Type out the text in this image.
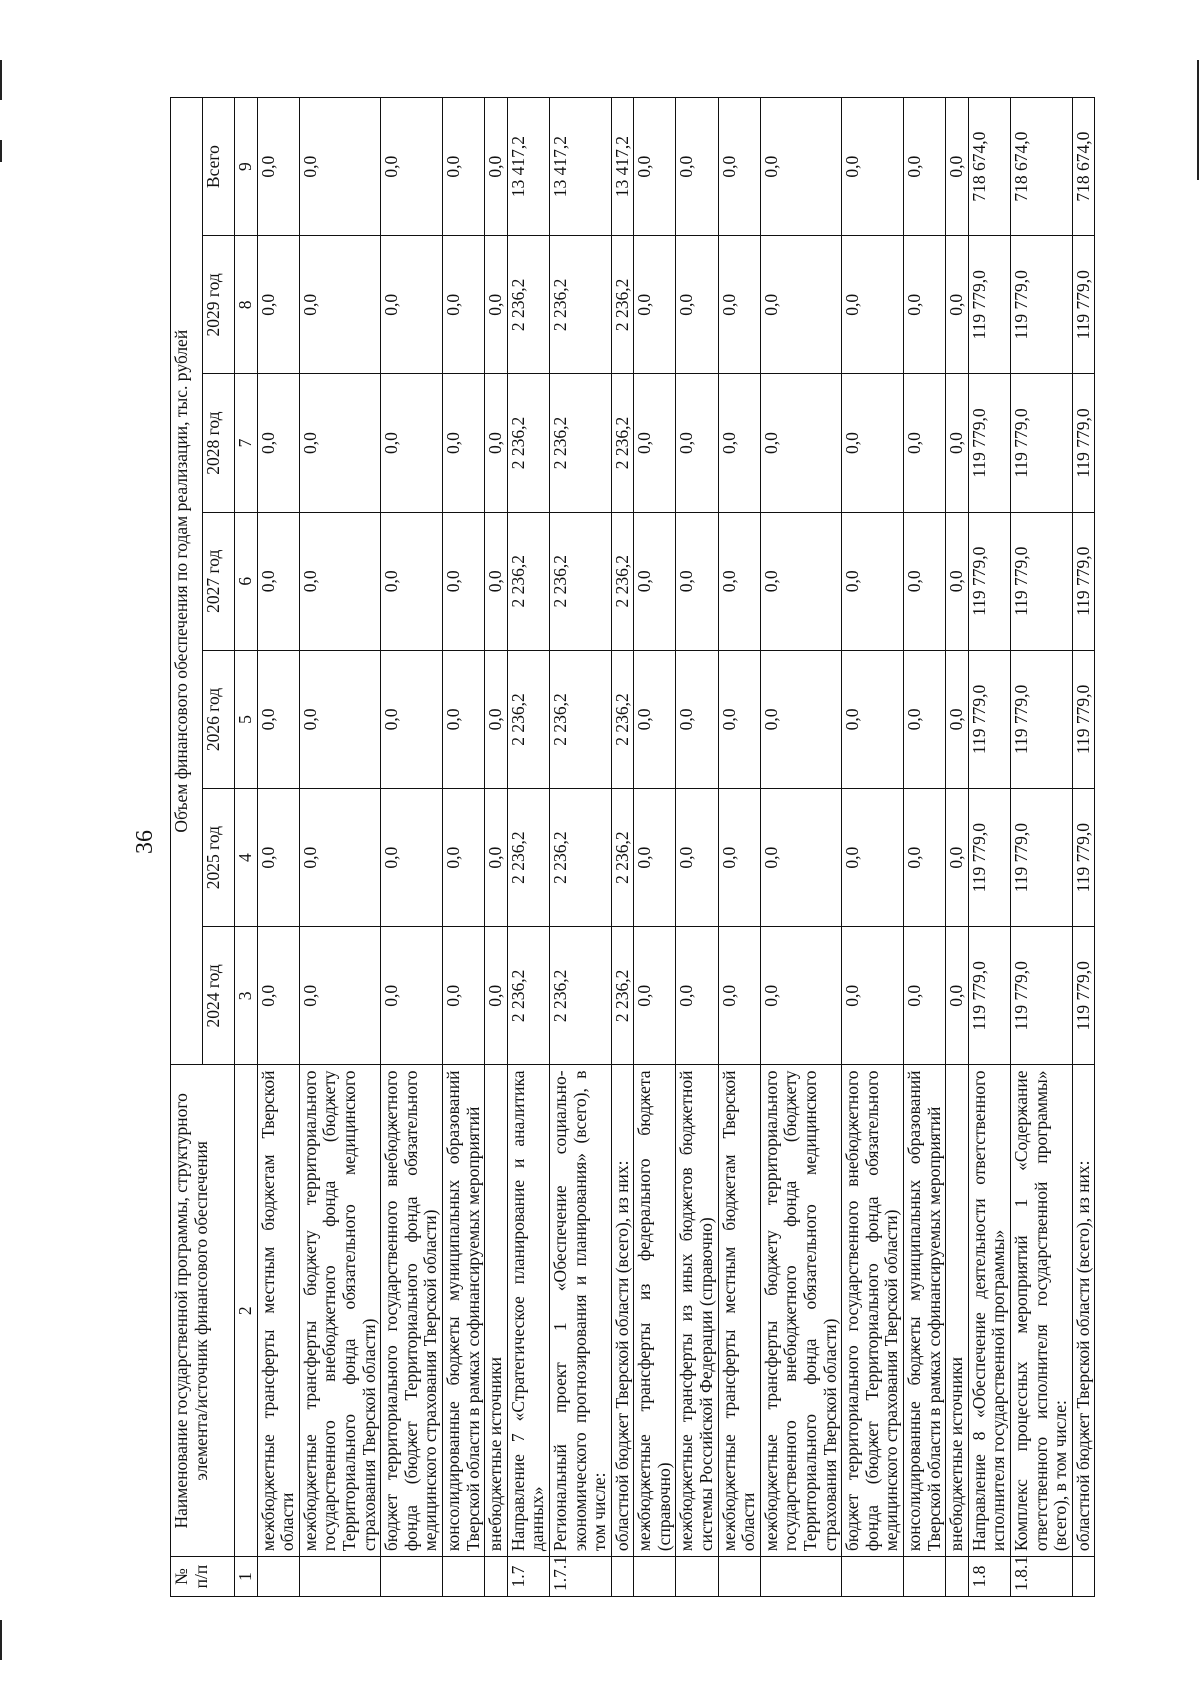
36
№ п/п	Наименование государственной программы, структурного элемента/источник финансового обеспечения	Объем финансового обеспечения по годам реализации, тыс. рублей						
		2024 год	2025 год	2026 год	2027 год	2028 год	2029 год	Всего
1	2	3	4	5	6	7	8	9
	межбюджетные трансферты местным бюджетам Тверской области	0,0	0,0	0,0	0,0	0,0	0,0	0,0
	межбюджетные трансферты бюджету территориального государственного внебюджетного фонда (бюджету Территориального фонда обязательного медицинского страхования Тверской области)	0,0	0,0	0,0	0,0	0,0	0,0	0,0
	бюджет территориального государственного внебюджетного фонда (бюджет Территориального фонда обязательного медицинского страхования Тверской области)	0,0	0,0	0,0	0,0	0,0	0,0	0,0
	консолидированные бюджеты муниципальных образований Тверской области в рамках софинансируемых мероприятий	0,0	0,0	0,0	0,0	0,0	0,0	0,0
	внебюджетные источники	0,0	0,0	0,0	0,0	0,0	0,0	0,0
1.7	Направление 7 «Стратегическое планирование и аналитика данных»	2 236,2	2 236,2	2 236,2	2 236,2	2 236,2	2 236,2	13 417,2
1.7.1	Региональный проект 1 «Обеспечение социально-экономического прогнозирования и планирования» (всего), в том числе:	2 236,2	2 236,2	2 236,2	2 236,2	2 236,2	2 236,2	13 417,2
	областной бюджет Тверской области (всего), из них:	2 236,2	2 236,2	2 236,2	2 236,2	2 236,2	2 236,2	13 417,2
	межбюджетные трансферты из федерального бюджета (справочно)	0,0	0,0	0,0	0,0	0,0	0,0	0,0
	межбюджетные трансферты из иных бюджетов бюджетной системы Российской Федерации (справочно)	0,0	0,0	0,0	0,0	0,0	0,0	0,0
	межбюджетные трансферты местным бюджетам Тверской области	0,0	0,0	0,0	0,0	0,0	0,0	0,0
	межбюджетные трансферты бюджету территориального государственного внебюджетного фонда (бюджету Территориального фонда обязательного медицинского страхования Тверской области)	0,0	0,0	0,0	0,0	0,0	0,0	0,0
	бюджет территориального государственного внебюджетного фонда (бюджет Территориального фонда обязательного медицинского страхования Тверской области)	0,0	0,0	0,0	0,0	0,0	0,0	0,0
	консолидированные бюджеты муниципальных образований Тверской области в рамках софинансируемых мероприятий	0,0	0,0	0,0	0,0	0,0	0,0	0,0
	внебюджетные источники	0,0	0,0	0,0	0,0	0,0	0,0	0,0
1.8	Направление 8 «Обеспечение деятельности ответственного исполнителя государственной программы»	119 779,0	119 779,0	119 779,0	119 779,0	119 779,0	119 779,0	718 674,0
1.8.1	Комплекс процессных мероприятий 1 «Содержание ответственного исполнителя государственной программы» (всего), в том числе:	119 779,0	119 779,0	119 779,0	119 779,0	119 779,0	119 779,0	718 674,0
	областной бюджет Тверской области (всего), из них:	119 779,0	119 779,0	119 779,0	119 779,0	119 779,0	119 779,0	718 674,0
